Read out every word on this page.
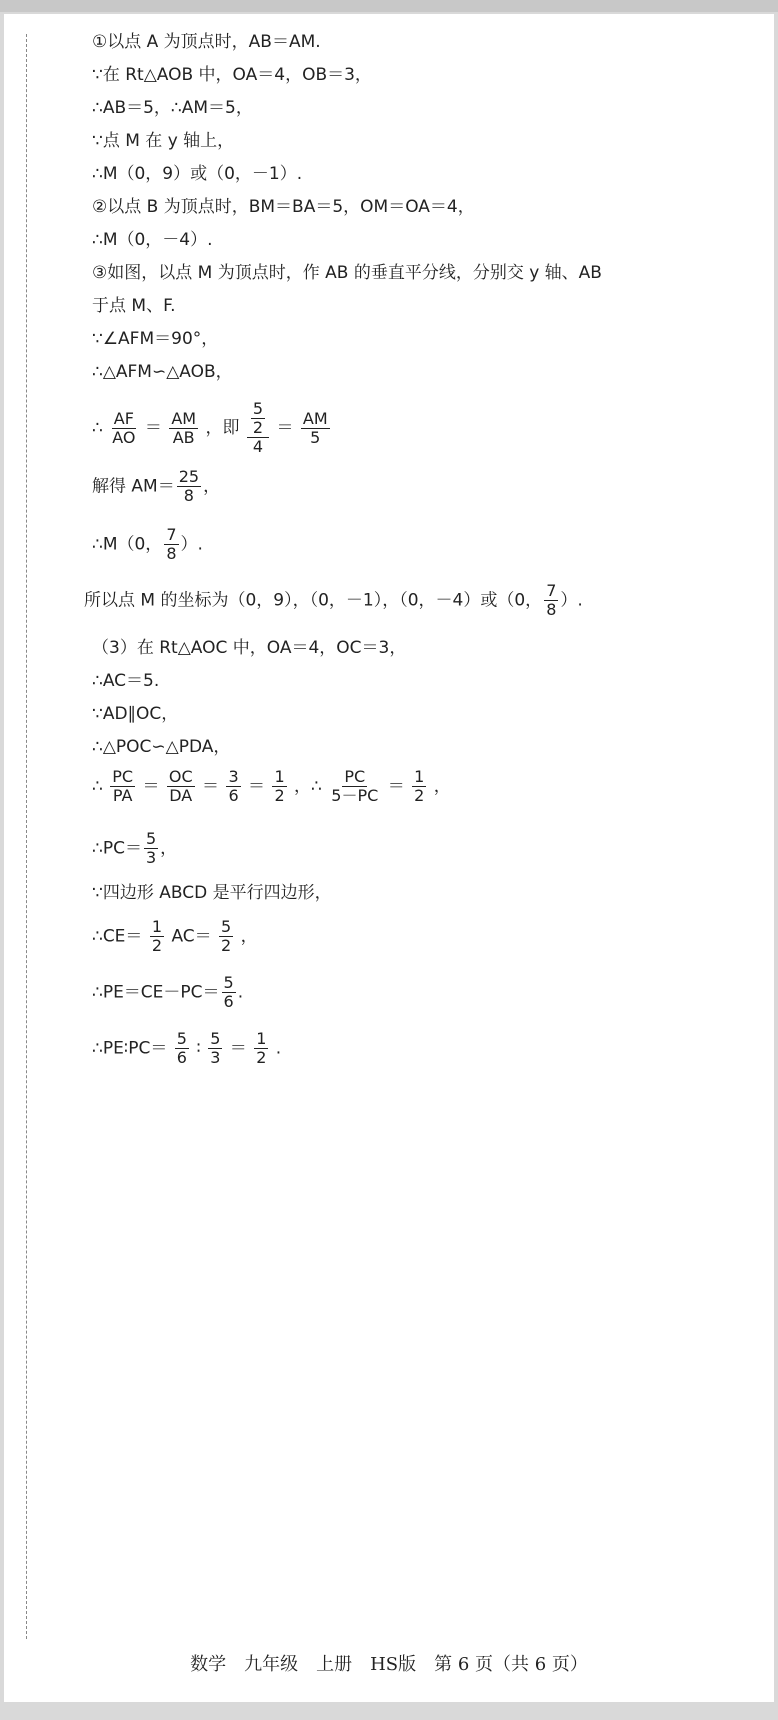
①以点 A 为顶点时，AB＝AM.
∵在 Rt△AOB 中，OA＝4，OB＝3，
∴AB＝5，∴AM＝5，
∵点 M 在 y 轴上，
∴M（0，9）或（0，－1）.
②以点 B 为顶点时，BM＝BA＝5，OM＝OA＝4，
∴M（0，－4）.
③如图，以点 M 为顶点时，作 AB 的垂直平分线，分别交 y 轴、AB
于点 M、F.
∵∠AFM＝90°，
∴△AFM∽△AOB，
∴ $\frac{AF}{AO} = \frac{AM}{AB}$ ，即 $\frac{\frac{5}{2}}{4} = \frac{AM}{5}$
解得 $AM= \frac{25}{8}$ ，
∴M（0， $\frac{7}{8}$ ）.
所以点 M 的坐标为（0，9），（0，－1），（0，－4）或（0， $\frac{7}{8}$ ）.
（3）在 Rt△AOC 中，OA＝4，OC＝3，
∴AC＝5.
∵AD∥OC，
∴△POC∽△PDA，
∴ $\frac{PC}{PA} = \frac{OC}{DA} = \frac{3}{6} = \frac{1}{2}$ ，∴ $\frac{PC}{5-PC} = \frac{1}{2}$ ，
∴PC＝ $\frac{5}{3}$ ，
∵四边形 ABCD 是平行四边形，
∴CE＝ $\frac{1}{2} AC= \frac{5}{2}$ ，
∴PE＝CE－PC＝ $\frac{5}{6}$ .
∴PE∶PC＝ $\frac{5}{6}$ ∶ $\frac{5}{3} = \frac{1}{2}$ .
数学　九年级　上册　HS版　第 6 页（共 6 页）
